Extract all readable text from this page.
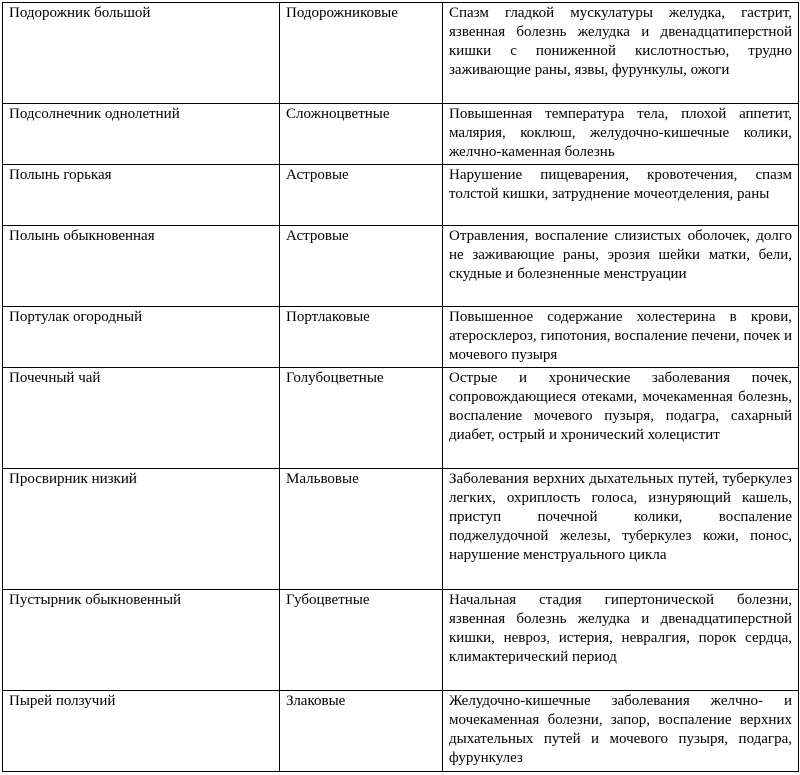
Подорожник большой	Подорожниковые	Спазм гладкой мускулатуры желудка, гастрит, язвенная болезнь желудка и двенадцатиперстной кишки с пониженной кислотностью, трудно заживающие раны, язвы, фурункулы, ожоги
Подсолнечник однолетний	Сложноцветные	Повышенная температура тела, плохой аппетит, малярия, коклюш, желудочно-кишечные колики, желчно-каменная болезнь
Полынь горькая	Астровые	Нарушение пищеварения, кровотечения, спазм толстой кишки, затруднение мочеотделения, раны
Полынь обыкновенная	Астровые	Отравления, воспаление слизистых оболочек, долго не заживающие раны, эрозия шейки матки, бели, скудные и болезненные менструации
Портулак огородный	Портлаковые	Повышенное содержание холестерина в крови, атеросклероз, гипотония, воспаление печени, почек и мочевого пузыря
Почечный чай	Голубоцветные	Острые и хронические заболевания почек, сопровождающиеся отеками, мочекаменная болезнь, воспаление мочевого пузыря, подагра, сахарный диабет, острый и хронический холецистит
Просвирник низкий	Мальвовые	Заболевания верхних дыхательных путей, туберкулез легких, охриплость голоса, изнуряющий кашель, приступ почечной колики, воспаление поджелудочной железы, туберкулез кожи, понос, нарушение менструального цикла
Пустырник обыкновенный	Губоцветные	Начальная стадия гипертонической болезни, язвенная болезнь желудка и двенадцатиперстной кишки, невроз, истерия, невралгия, порок сердца, климактерический период
Пырей ползучий	Злаковые	Желудочно-кишечные заболевания желчно- и мочекаменная болезни, запор, воспаление верхних дыхательных путей и мочевого пузыря, подагра, фурункулез
